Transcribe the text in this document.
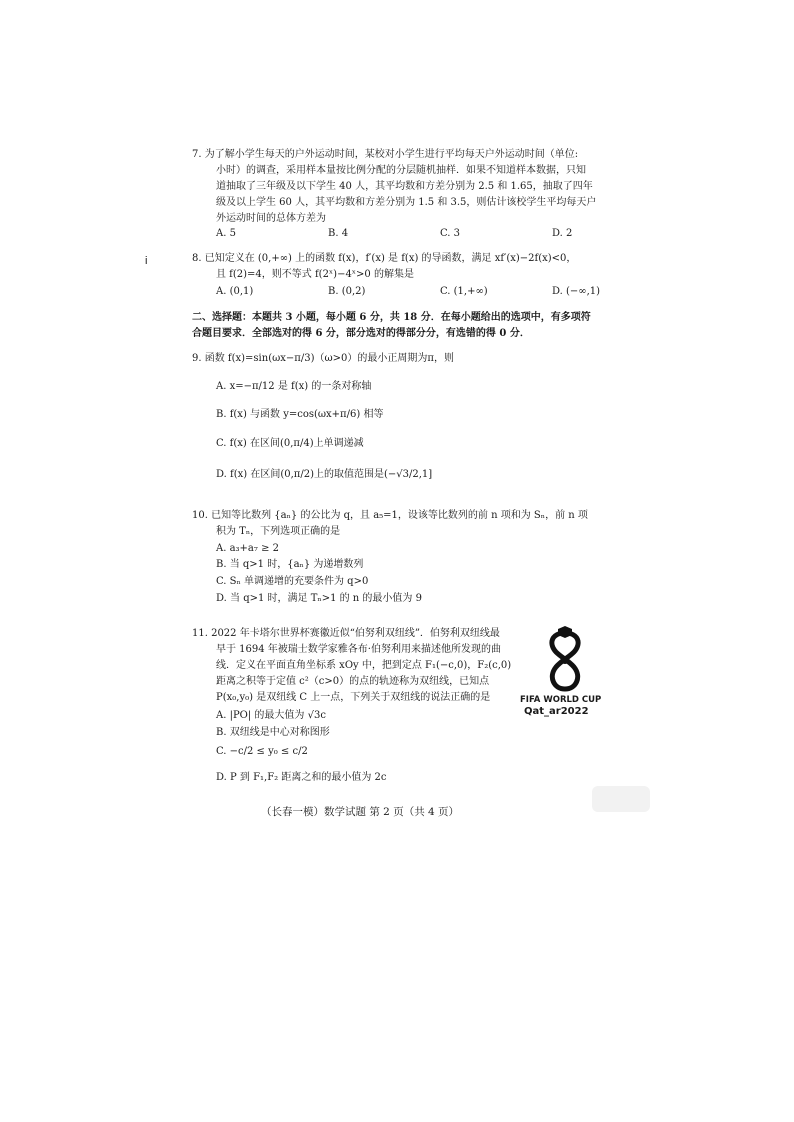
i
7. 为了解小学生每天的户外运动时间，某校对小学生进行平均每天户外运动时间（单位:
小时）的调查，采用样本量按比例分配的分层随机抽样．如果不知道样本数据，只知
道抽取了三年级及以下学生 40 人，其平均数和方差分别为 2.5 和 1.65，抽取了四年
级及以上学生 60 人，其平均数和方差分别为 1.5 和 3.5，则估计该校学生平均每天户
外运动时间的总体方差为
A. 5	B. 4	C. 3	D. 2
8. 已知定义在 (0,+∞) 上的函数 f(x)，f′(x) 是 f(x) 的导函数，满足 xf′(x)−2f(x)<0，
且 f(2)=4，则不等式 f(2ˣ)−4ˣ>0 的解集是
A. (0,1)	B. (0,2)	C. (1,+∞)	D. (−∞,1)
二、选择题：本题共 3 小题，每小题 6 分，共 18 分．在每小题给出的选项中，有多项符
合题目要求．全部选对的得 6 分，部分选对的得部分分，有选错的得 0 分．
9. 函数 f(x)=sin(ωx−π/3)（ω>0）的最小正周期为π，则
A. x=−π/12 是 f(x) 的一条对称轴
B. f(x) 与函数 y=cos(ωx+π/6) 相等
C. f(x) 在区间(0,π/4)上单调递减
D. f(x) 在区间(0,π/2)上的取值范围是(−√3/2,1]
10. 已知等比数列 {aₙ} 的公比为 q，且 a₅=1，设该等比数列的前 n 项和为 Sₙ，前 n 项
积为 Tₙ，下列选项正确的是
A. a₃+a₇ ≥ 2
B. 当 q>1 时，{aₙ} 为递增数列
C. Sₙ 单调递增的充要条件为 q>0
D. 当 q>1 时，满足 Tₙ>1 的 n 的最小值为 9
11. 2022 年卡塔尔世界杯赛徽近似“伯努利双纽线”．伯努利双纽线最
早于 1694 年被瑞士数学家雅各布·伯努利用来描述他所发现的曲
线．定义在平面直角坐标系 xOy 中，把到定点 F₁(−c,0)，F₂(c,0)
距离之积等于定值 c²（c>0）的点的轨迹称为双纽线，已知点
P(x₀,y₀) 是双纽线 C 上一点，下列关于双纽线的说法正确的是
A. |PO| 的最大值为 √3c
B. 双纽线是中心对称图形
C. −c/2 ≤ y₀ ≤ c/2
D. P 到 F₁,F₂ 距离之和的最小值为 2c
FIFA WORLD CUP
Qat_ar2022
（长春一模）数学试题 第 2 页（共 4 页）
